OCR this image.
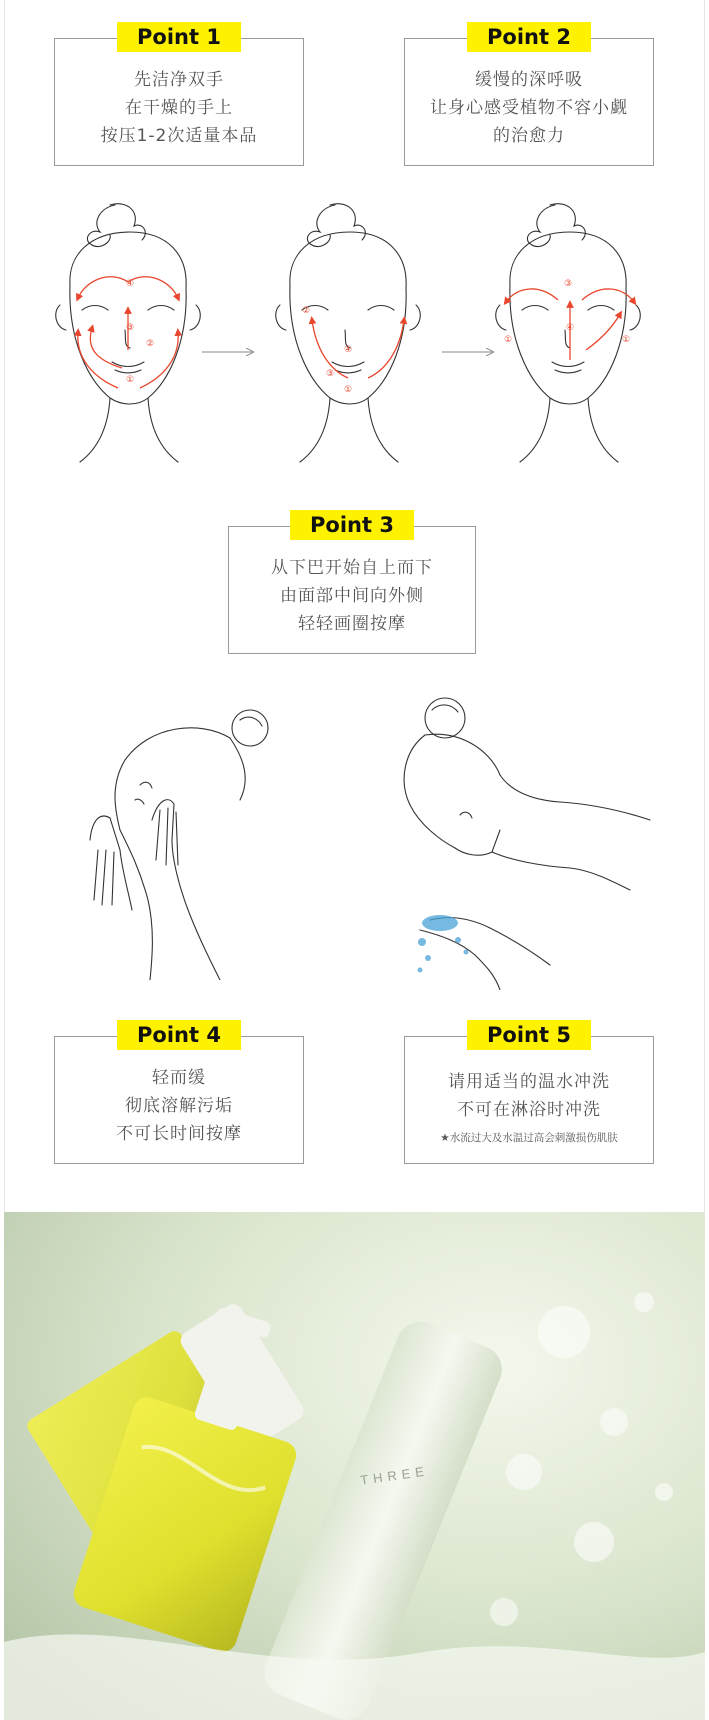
先洁净双手
在干燥的手上
按压1-2次适量本品
Point 1
缓慢的深呼吸
让身心感受植物不容小觑
的治愈力
Point 2
④
③
②
①
②
④
③
①
③
④
①	①
从下巴开始自上而下
由面部中间向外侧
轻轻画圈按摩
Point 3
轻而缓
彻底溶解污垢
不可长时间按摩
Point 4
请用适当的温水冲洗
不可在淋浴时冲洗
★水流过大及水温过高会刺激损伤肌肤
Point 5
THREE
